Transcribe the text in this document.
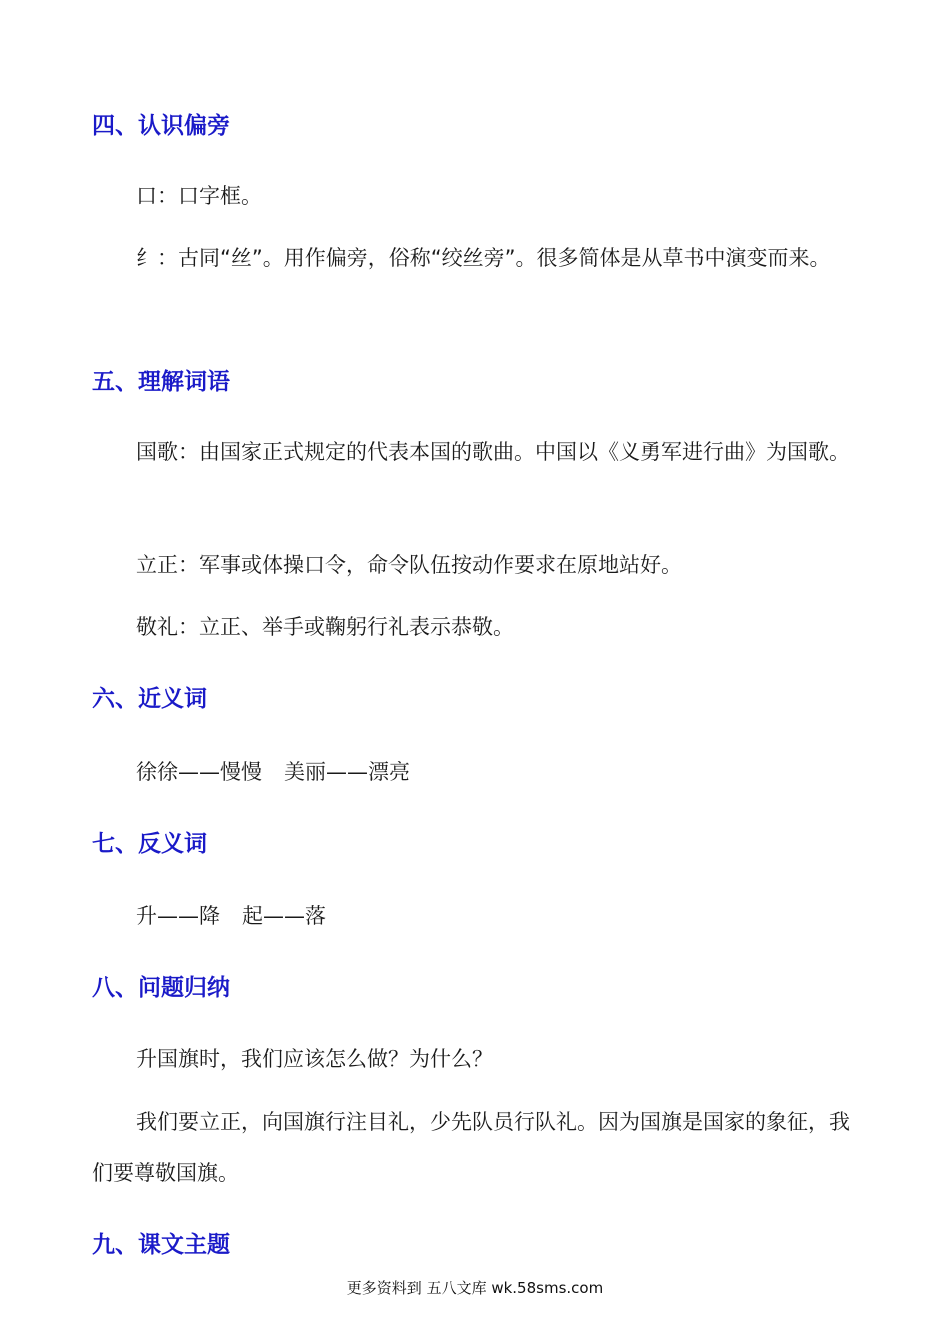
四、认识偏旁
口：口字框。
纟：古同“丝”。用作偏旁，俗称“绞丝旁”。很多简体是从草书中演变而来。
五、理解词语
国歌：由国家正式规定的代表本国的歌曲。中国以《义勇军进行曲》为国歌。
立正：军事或体操口令，命令队伍按动作要求在原地站好。
敬礼：立正、举手或鞠躬行礼表示恭敬。
六、近义词
徐徐——慢慢 美丽——漂亮
七、反义词
升——降 起——落
八、问题归纳
升国旗时，我们应该怎么做？为什么？
我们要立正，向国旗行注目礼，少先队员行队礼。因为国旗是国家的象征，我们要尊敬国旗。
九、课文主题
更多资料到 五八文库 wk.58sms.com
